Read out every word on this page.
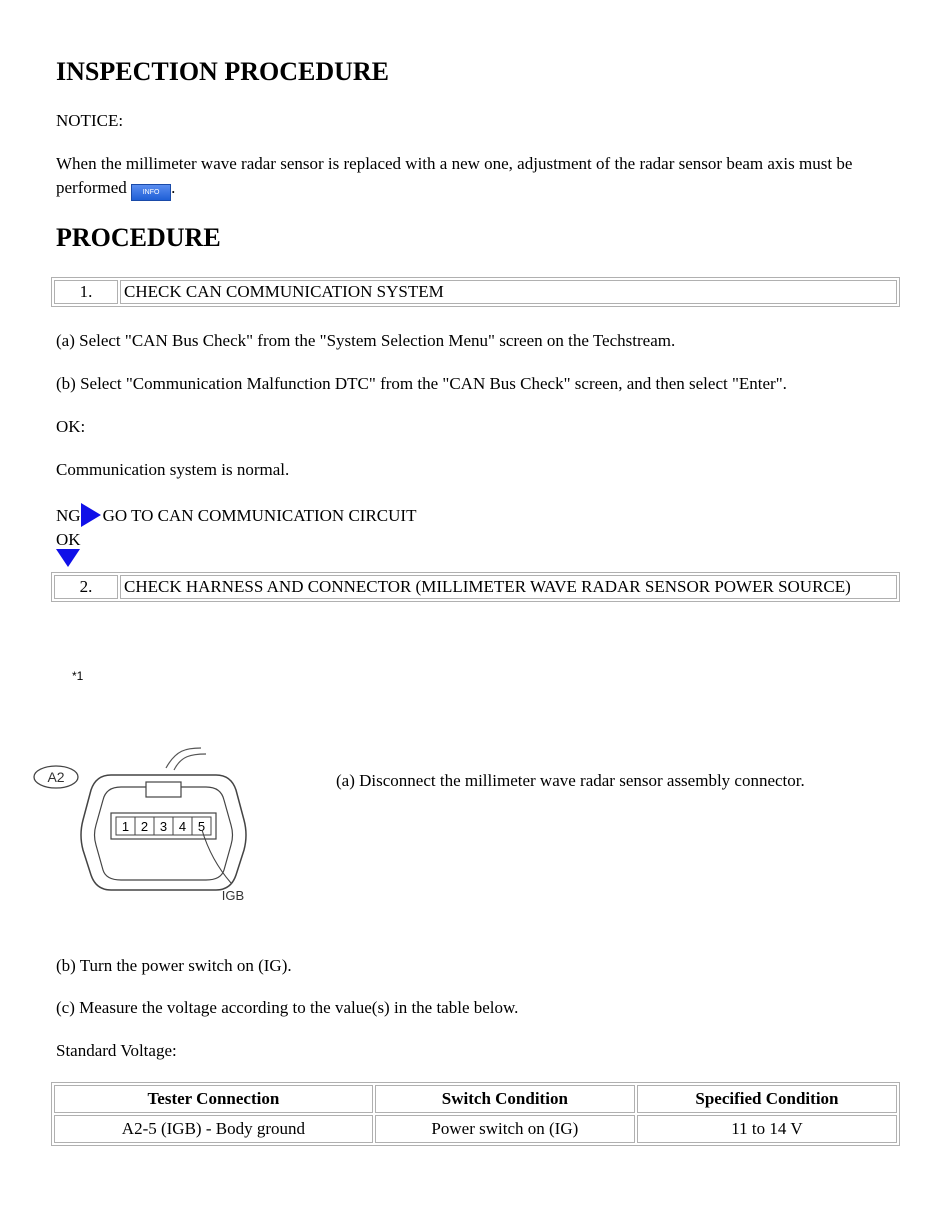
INSPECTION PROCEDURE

NOTICE:

When the millimeter wave radar sensor is replaced with a new one, adjustment of the radar sensor beam axis must be performed INFO .

PROCEDURE
1.	CHECK CAN COMMUNICATION SYSTEM

(a) Select "CAN Bus Check" from the "System Selection Menu" screen on the Techstream.

(b) Select "Communication Malfunction DTC" from the "CAN Bus Check" screen, and then select "Enter".

OK:

Communication system is normal.

NG GO TO CAN COMMUNICATION CIRCUIT

OK

2.	CHECK HARNESS AND CONNECTOR (MILLIMETER WAVE RADAR SENSOR POWER SOURCE)
*1
A2
1 2 3 4 5
IGB

(a) Disconnect the millimeter wave radar sensor assembly connector.

(b) Turn the power switch on (IG).

(c) Measure the voltage according to the value(s) in the table below.

Standard Voltage:

Tester Connection	Switch Condition	Specified Condition
A2-5 (IGB) - Body ground	Power switch on (IG)	11 to 14 V
